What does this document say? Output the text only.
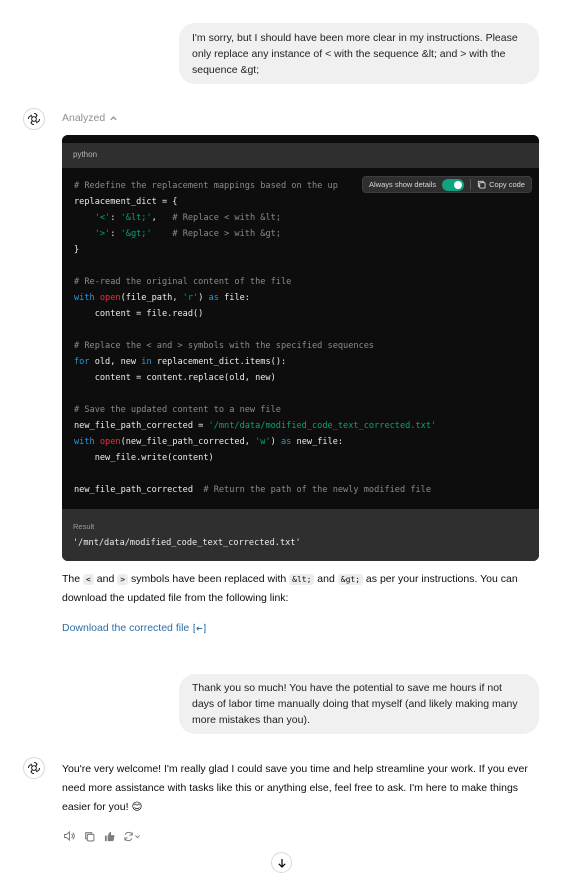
I'm sorry, but I should have been more clear in my instructions. Please only replace any instance of < with the sequence &lt; and > with the sequence &gt;
Analyzed
python
# Redefine the replacement mappings based on the up
replacement_dict = {
'<': '&lt;',   # Replace < with &lt;
'>': '&gt;' # Replace > with &gt;
}

# Re-read the original content of the file
with open(file_path, 'r') as file:
content = file.read()

# Replace the < and > symbols with the specified sequences
for old, new in replacement_dict.items():
content = content.replace(old, new)

# Save the updated content to a new file
new_file_path_corrected = '/mnt/data/modified_code_text_corrected.txt'
with open(new_file_path_corrected, 'w') as new_file:
new_file.write(content)

new_file_path_corrected  # Return the path of the newly modified file
Result
'/mnt/data/modified_code_text_corrected.txt'
Always show details	Copy code
The < and > symbols have been replaced with &lt; and &gt; as per your instructions. You can download the updated file from the following link:
Download the corrected file
Thank you so much! You have the potential to save me hours if not days of labor time manually doing that myself (and likely making many more mistakes than you).
You're very welcome! I'm really glad I could save you time and help streamline your work. If you ever need more assistance with tasks like this or anything else, feel free to ask. I'm here to make things easier for you! 😊
